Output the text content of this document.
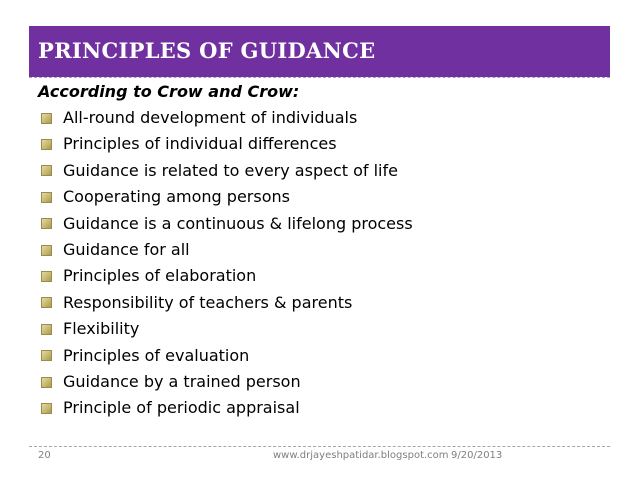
PRINCIPLES OF GUIDANCE
According to Crow and Crow:
All-round development of individuals
Principles of individual differences
Guidance is related to every aspect of life
Cooperating among persons
Guidance is a continuous & lifelong process
Guidance for all
Principles of elaboration
Responsibility of teachers & parents
Flexibility
Principles of evaluation
Guidance by a trained person
Principle of periodic appraisal
20	www.drjayeshpatidar.blogspot.com 9/20/2013
